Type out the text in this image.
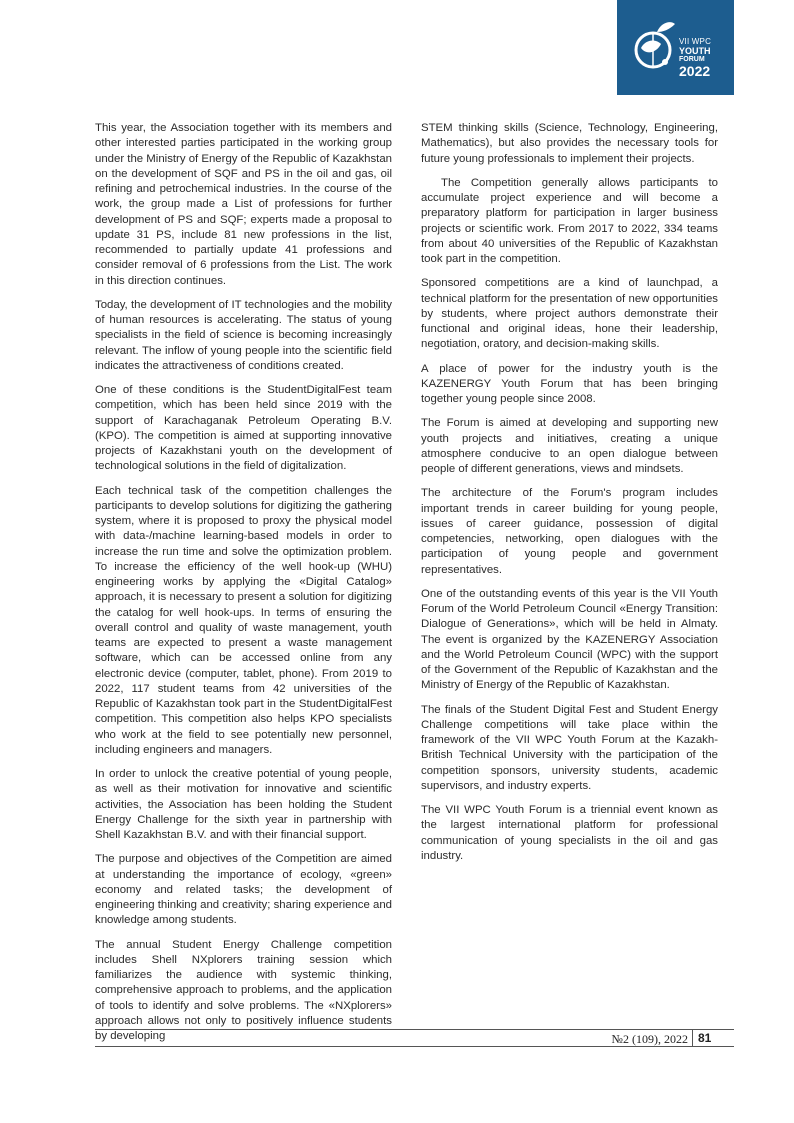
VII WPC
YOUTH
FORUM
2022

This year, the Association together with its members and other interested parties participated in the working group under the Ministry of Energy of the Republic of Kazakhstan on the development of SQF and PS in the oil and gas, oil refining and petrochemical industries. In the course of the work, the group made a List of professions for further development of PS and SQF; experts made a proposal to update 31 PS, include 81 new professions in the list, recommended to partially update 41 professions and consider removal of 6 professions from the List. The work in this direction continues.

Today, the development of IT technologies and the mobility of human resources is accelerating. The status of young specialists in the field of science is becoming increasingly relevant. The inflow of young people into the scientific field indicates the attractiveness of conditions created.

One of these conditions is the StudentDigitalFest team competition, which has been held since 2019 with the support of Karachaganak Petroleum Operating B.V. (KPO). The competition is aimed at supporting innovative projects of Kazakhstani youth on the development of technological solutions in the field of digitalization.

Each technical task of the competition challenges the participants to develop solutions for digitizing the gathering system, where it is proposed to proxy the physical model with data-/machine learning-based models in order to increase the run time and solve the optimization problem. To increase the efficiency of the well hook-up (WHU) engineering works by applying the «Digital Catalog» approach, it is necessary to present a solution for digitizing the catalog for well hook-ups. In terms of ensuring the overall control and quality of waste management, youth teams are expected to present a waste management software, which can be accessed online from any electronic device (computer, tablet, phone). From 2019 to 2022, 117 student teams from 42 universities of the Republic of Kazakhstan took part in the StudentDigitalFest competition. This competition also helps KPO specialists who work at the field to see potentially new personnel, including engineers and managers.

In order to unlock the creative potential of young people, as well as their motivation for innovative and scientific activities, the Association has been holding the Student Energy Challenge for the sixth year in partnership with Shell Kazakhstan B.V. and with their financial support.

The purpose and objectives of the Competition are aimed at understanding the importance of ecology, «green» economy and related tasks; the development of engineering thinking and creativity; sharing experience and knowledge among students.

The annual Student Energy Challenge competition includes Shell NXplorers training session which familiarizes the audience with systemic thinking, comprehensive approach to problems, and the application of tools to identify and solve problems. The «NXplorers» approach allows not only to positively influence students by developing

STEM thinking skills (Science, Technology, Engineering, Mathematics), but also provides the necessary tools for future young professionals to implement their projects.

The Competition generally allows participants to accumulate project experience and will become a preparatory platform for participation in larger business projects or scientific work. From 2017 to 2022, 334 teams from about 40 universities of the Republic of Kazakhstan took part in the competition.

Sponsored competitions are a kind of launchpad, a technical platform for the presentation of new opportunities by students, where project authors demonstrate their functional and original ideas, hone their leadership, negotiation, oratory, and decision-making skills.

A place of power for the industry youth is the KAZENERGY Youth Forum that has been bringing together young people since 2008.

The Forum is aimed at developing and supporting new youth projects and initiatives, creating a unique atmosphere conducive to an open dialogue between people of different generations, views and mindsets.

The architecture of the Forum's program includes important trends in career building for young people, issues of career guidance, possession of digital competencies, networking, open dialogues with the participation of young people and government representatives.

One of the outstanding events of this year is the VII Youth Forum of the World Petroleum Council «Energy Transition: Dialogue of Generations», which will be held in Almaty. The event is organized by the KAZENERGY Association and the World Petroleum Council (WPC) with the support of the Government of the Republic of Kazakhstan and the Ministry of Energy of the Republic of Kazakhstan.

The finals of the Student Digital Fest and Student Energy Challenge competitions will take place within the framework of the VII WPC Youth Forum at the Kazakh-British Technical University with the participation of the competition sponsors, university students, academic supervisors, and industry experts.

The VII WPC Youth Forum is a triennial event known as the largest international platform for professional communication of young specialists in the oil and gas industry.

№2 (109), 2022 81
